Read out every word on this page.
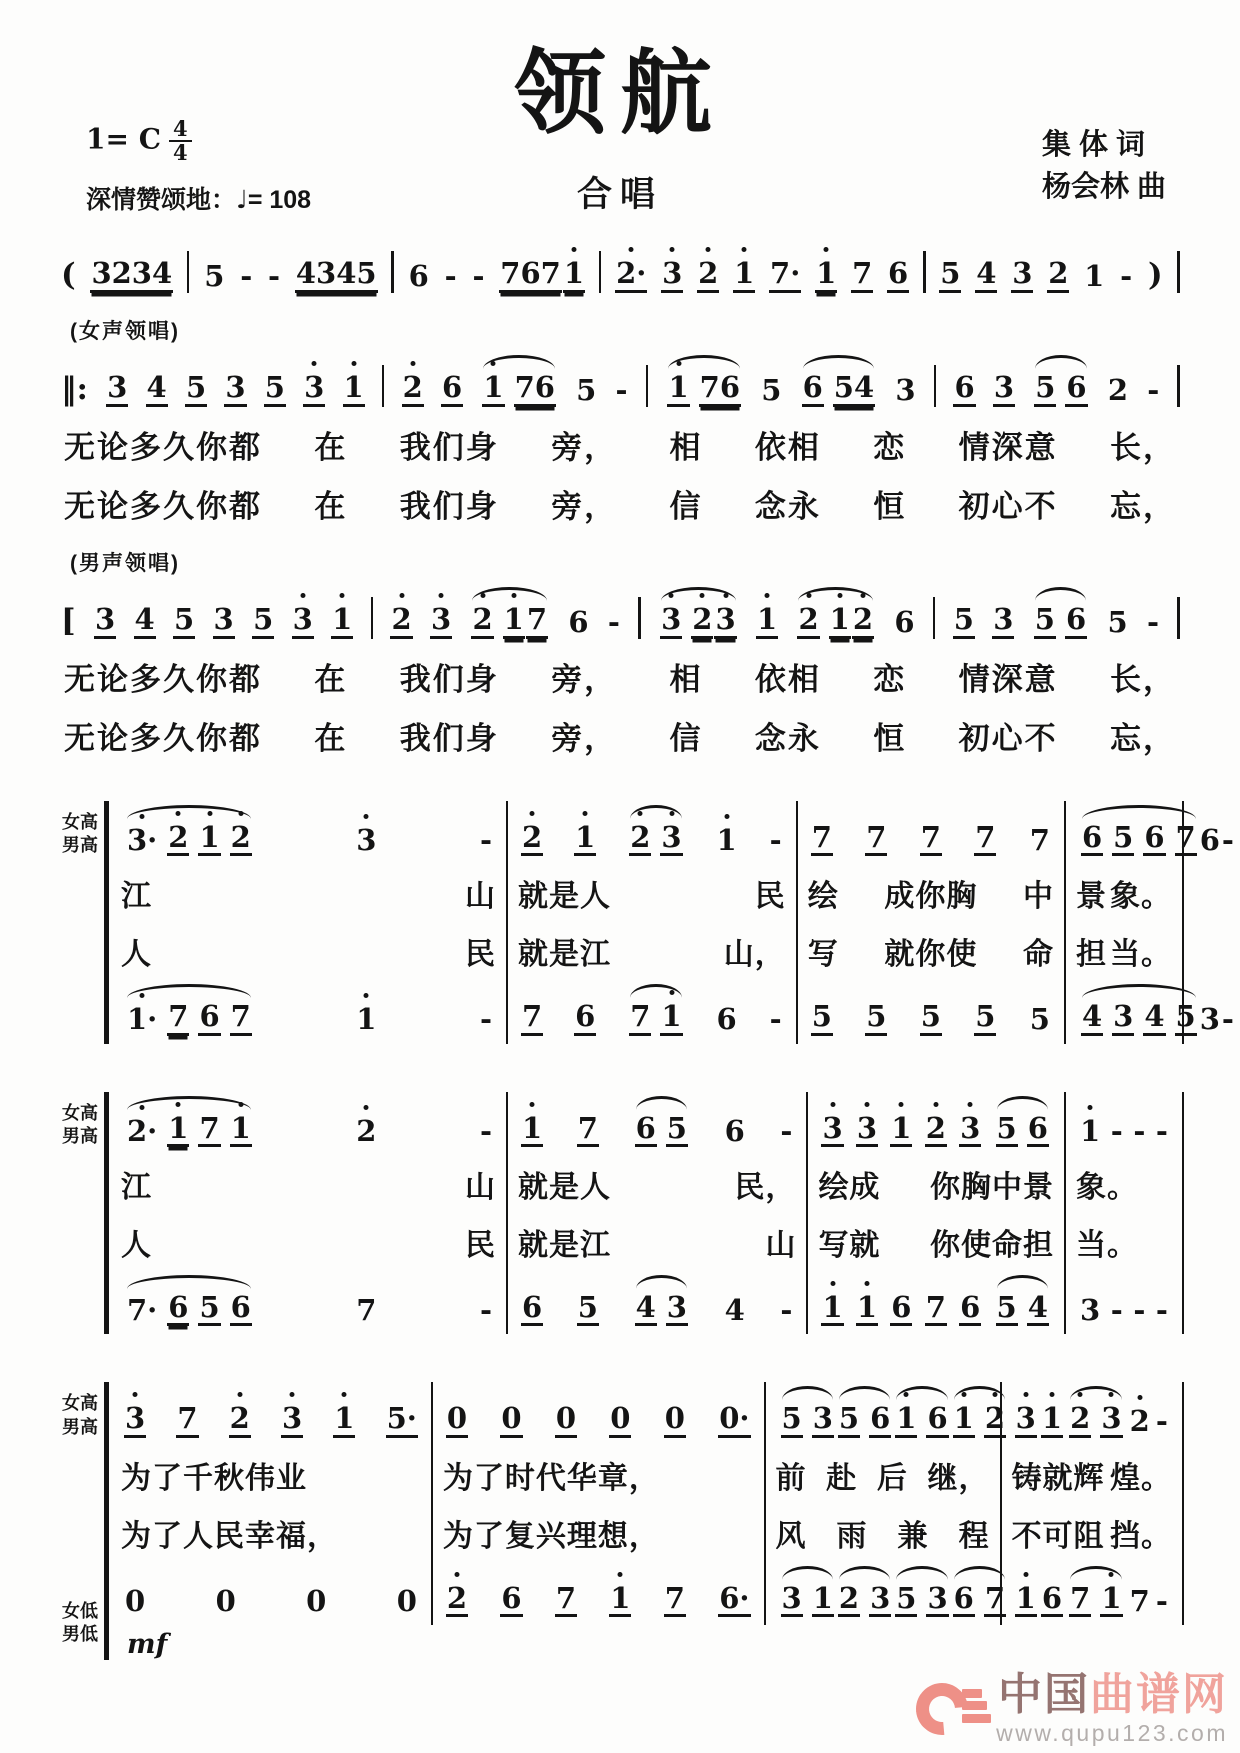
领航
合唱
1= C $\frac{4}{4}$
深情赞颂地：♩= 108
集 体 词
杨会林 曲
( 3234 5 - - 4345 6 - - 767 1 2· 3 2 1 7· 1 7 6 5 4 3 2 1 - )
(女声领唱)
‖: 3 4 5 3 5 3 1 2 6 1 76 5 - 1 76 5 6 54 3 6 3 5 6 2 -
无论多久你都 在 我们身 旁， 相 依相 恋 情深意 长，
无论多久你都 在 我们身 旁， 信 念永 恒 初心不 忘，
(男声领唱)
[ 3 4 5 3 5 3 1 2 3 2 1 7 6 - 3 2 3 1 2 1 2 6 5 3 5 6 5 -
无论多久你都 在 我们身 旁， 相 依相 恋 情深意 长，
无论多久你都 在 我们身 旁， 信 念永 恒 初心不 忘，
女高
男高 3· 2 1 2	3	- 2 1 2 3 1 - 7 7 7 7 7 6 5 6 7 6 -
江	山 就是人	民 绘 成你胸 中 景 象。
人	民 就是江	山， 写 就你使 命 担 当。
1· 7 6 7	1	- 7 6 7 1 6 - 5 5 5 5 5 4 3 4 5 3 -
女高
男高 2· 1 7 1	2	- 1 7 6 5 6 - 3 3 1 2 3 5 6 1 - - -
江	山 就是人	民， 绘成 你胸中景 象。
人	民 就是江	山 写就 你使命担 当。
7· 6 5 6	7	- 6 5 4 3 4 - 1 1 6 7 6 5 4 3 - - -
女高
男高
女低
男低
3 7 2 3 1 5· 0 0 0 0 0 0· 5 3 5 6 1 6 1 2 3 1 2 3 2 -
为了千秋伟业	为了时代华章，	前 赴 后 继， 铸就辉 煌。
为了人民幸福，	为了复兴理想，	风 雨 兼 程 不可阻 挡。
0 0 0 0 2 6 7 1 7 6· 3 1 2 3 5 3 6 7 1 6 7 1 7 -
mf
中国曲谱网
www.qupu123.com
